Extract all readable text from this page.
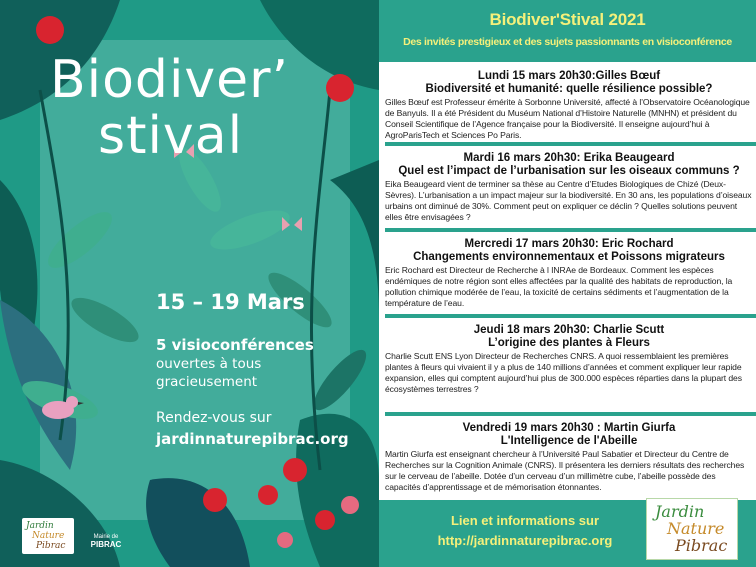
Biodiver’
stival
15 – 19 Mars
5 visioconférences
ouvertes à tous
gracieusement
Rendez-vous sur
jardinnaturepibrac.org
Jardin
Nature
Pibrac
Mairie de
PIBRAC
Biodiver'Stival 2021
Des invités prestigieux et des sujets passionnants en visioconférence
Lundi 15 mars 20h30:Gilles Bœuf
Biodiversité et humanité: quelle résilience possible?
Gilles Bœuf est Professeur émérite à Sorbonne Université, affecté à l’Observatoire Océanologique de Banyuls. Il a été Président du Muséum National d’Histoire Naturelle (MNHN) et président du Conseil Scientifique de l’Agence française pour la Biodiversité. Il enseigne aujourd’hui à AgroParisTech et Sciences Po Paris.
Mardi 16 mars 20h30: Erika Beaugeard
Quel est l’impact de l’urbanisation sur les oiseaux communs ?
Eika Beaugeard vient de terminer sa thèse au Centre d’Etudes Biologiques de Chizé (Deux-Sèvres). L’urbanisation a un impact majeur sur la biodiversité. En 30 ans, les populations d’oiseaux urbains ont diminué de 30%. Comment peut on expliquer ce déclin ? Quelles solutions peuvent elles être envisagées ?
Mercredi 17 mars 20h30: Eric Rochard
Changements environnementaux et Poissons migrateurs
Eric Rochard est Directeur de Recherche à l INRAe de Bordeaux. Comment les espèces endémiques de notre région sont elles affectées par la qualité des habitats de reproduction, la pollution chimique modérée de l’eau, la toxicité de certains sédiments et l’augmentation de la température de l’eau.
Jeudi 18 mars 20h30: Charlie Scutt
L’origine des plantes à Fleurs
Charlie Scutt ENS Lyon Directeur de Recherches CNRS. A quoi ressemblaient les premières plantes à fleurs qui vivaient il y a plus de 140 millions d’années et comment expliquer leur rapide expansion, elles qui comptent aujourd’hui plus de 300.000 espèces réparties dans la plupart des écosystèmes terrestres ?
Vendredi 19 mars 20h30 : Martin Giurfa
L'Intelligence de l'Abeille
Martin Giurfa est enseignant chercheur à l’Université Paul Sabatier et Directeur du Centre de Recherches sur la Cognition Animale (CNRS). Il présentera les derniers résultats des recherches sur le cerveau de l’abeille. Dotée d’un cerveau d’un millimètre cube, l’abeille possède des capacités d’apprentissage et de mémorisation étonnantes.
Lien et informations sur
http://jardinnaturepibrac.org
Jardin
Nature
Pibrac
